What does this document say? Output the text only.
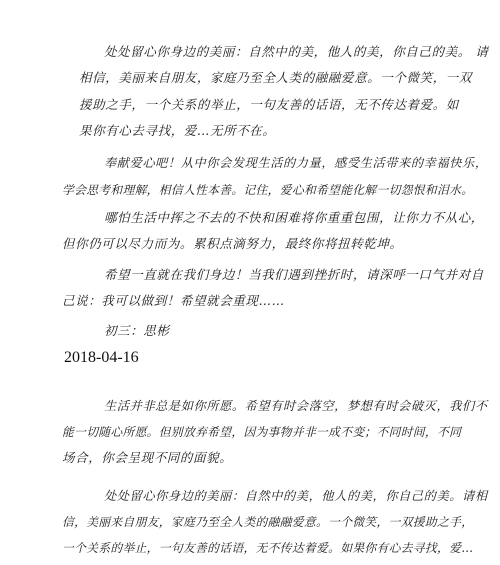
处处留心你身边的美丽：自然中的美，他人的美，你自己的美。 请
相信，美丽来自朋友，家庭乃至全人类的融融爱意。一个微笑，一双
援助之手，一个关系的举止，一句友善的话语，无不传达着爱。如
果你有心去寻找，爱…无所不在。
奉献爱心吧！从中你会发现生活的力量，感受生活带来的幸福快乐，
学会思考和理解，相信人性本善。记住，爱心和希望能化解一切怨恨和泪水。
哪怕生活中挥之不去的不快和困难将你重重包围，让你力不从心，
但你仍可以尽力而为。累积点滴努力，最终你将扭转乾坤。
希望一直就在我们身边！当我们遇到挫折时，请深呼一口气并对自
己说：我可以做到！希望就会重现……
初三：思彬
2018-04-16
生活并非总是如你所愿。希望有时会落空，梦想有时会破灭，我们不
能一切随心所愿。但别放弃希望，因为事物并非一成不变；不同时间，不同
场合，你会呈现不同的面貌。
处处留心你身边的美丽：自然中的美，他人的美，你自己的美。请相
信，美丽来自朋友，家庭乃至全人类的融融爱意。一个微笑，一双援助之手，
一个关系的举止，一句友善的话语，无不传达着爱。如果你有心去寻找，爱…
